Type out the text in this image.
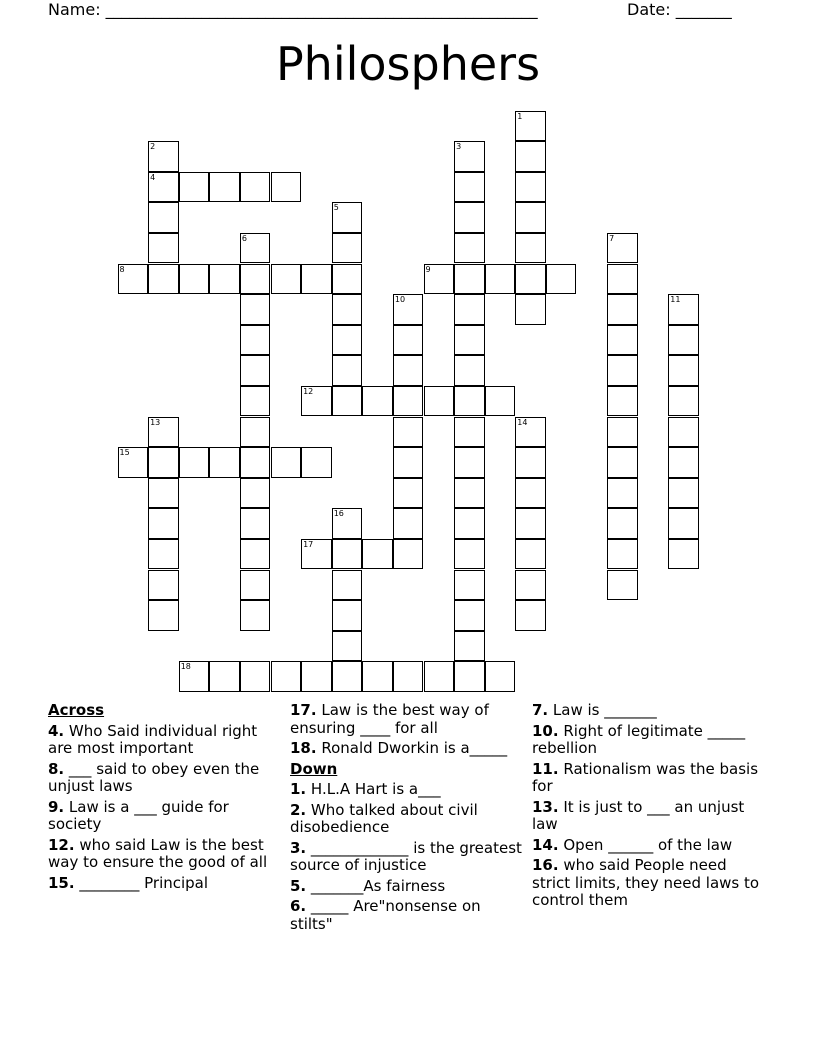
Name: ______________________________________________________	Date: _______
Philosphers
1
2
4
3
5
6	7
8	9
10	11
12
13	14
15
16
17
18
Across
4. Who Said individual right are most important
8. ___ said to obey even the unjust laws
9. Law is a ___ guide for society
12. who said Law is the best way to ensure the good of all
15. ________ Principal
17. Law is the best way of ensuring ____ for all
18. Ronald Dworkin is a_____
Down
1. H.L.A Hart is a___
2. Who talked about civil disobedience
3. _____________ is the greatest source of injustice
5. _______As fairness
6. _____ Are"nonsense on stilts"
7. Law is _______
10. Right of legitimate _____ rebellion
11. Rationalism was the basis for
13. It is just to ___ an unjust law
14. Open ______ of the law
16. who said People need strict limits, they need laws to control them
